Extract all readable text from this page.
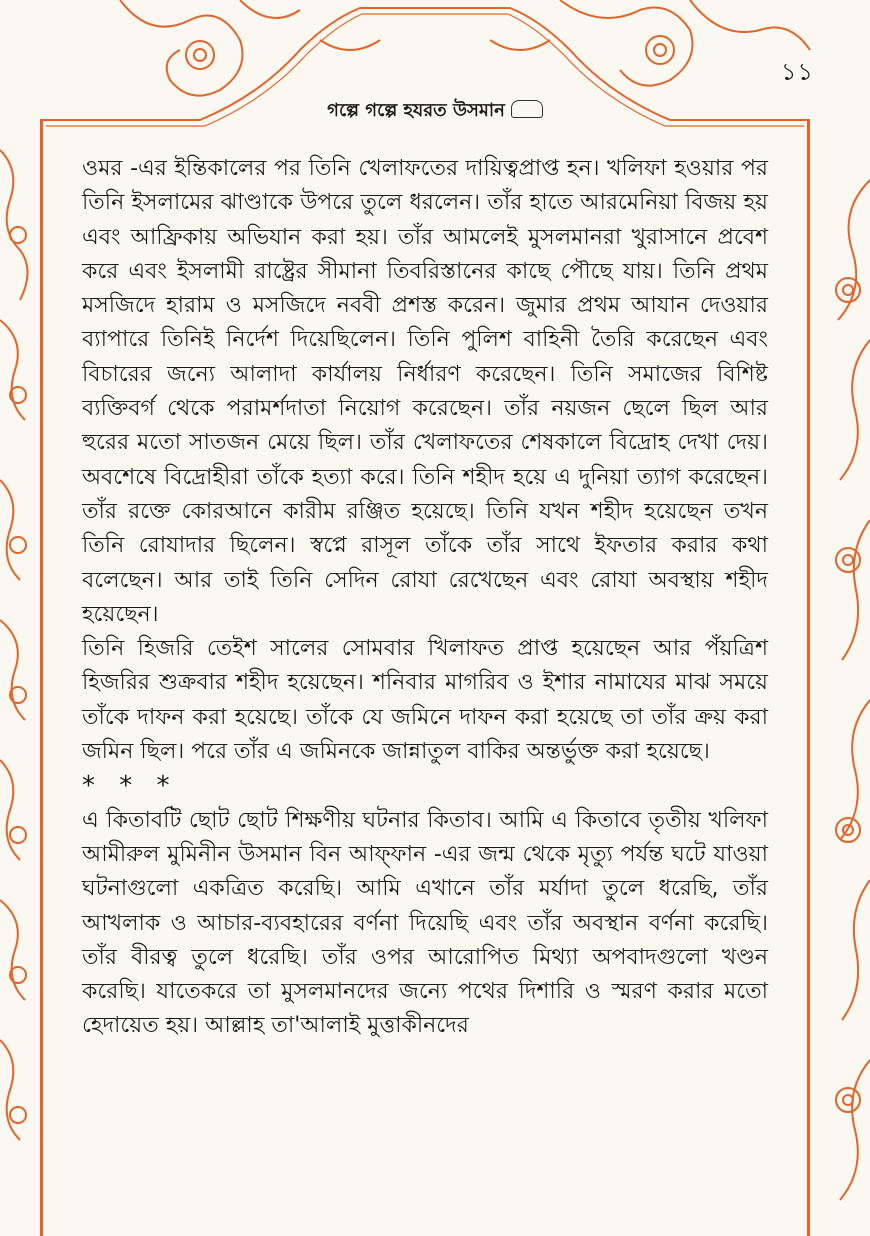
১১
গল্পে গল্পে হযরত উসমান

ওমর -এর ইন্তিকালের পর তিনি খেলাফতের দায়িত্বপ্রাপ্ত হন। খলিফা হওয়ার পর তিনি ইসলামের ঝাণ্ডাকে উপরে তুলে ধরলেন। তাঁর হাতে আরমেনিয়া বিজয় হয় এবং আফ্রিকায় অভিযান করা হয়। তাঁর আমলেই মুসলমানরা খুরাসানে প্রবেশ করে এবং ইসলামী রাষ্ট্রের সীমানা তিবরিস্তানের কাছে পৌছে যায়। তিনি প্রথম মসজিদে হারাম ও মসজিদে নববী প্রশস্ত করেন। জুমার প্রথম আযান দেওয়ার ব্যাপারে তিনিই নির্দেশ দিয়েছিলেন। তিনি পুলিশ বাহিনী তৈরি করেছেন এবং বিচারের জন্যে আলাদা কার্যালয় নির্ধারণ করেছেন। তিনি সমাজের বিশিষ্ট ব্যক্তিবর্গ থেকে পরামর্শদাতা নিয়োগ করেছেন। তাঁর নয়জন ছেলে ছিল আর হুরের মতো সাতজন মেয়ে ছিল। তাঁর খেলাফতের শেষকালে বিদ্রোহ দেখা দেয়। অবশেষে বিদ্রোহীরা তাঁকে হত্যা করে। তিনি শহীদ হয়ে এ দুনিয়া ত্যাগ করেছেন। তাঁর রক্তে কোরআনে কারীম রঞ্জিত হয়েছে। তিনি যখন শহীদ হয়েছেন তখন তিনি রোযাদার ছিলেন। স্বপ্নে রাসূল তাঁকে তাঁর সাথে ইফতার করার কথা বলেছেন। আর তাই তিনি সেদিন রোযা রেখেছেন এবং রোযা অবস্থায় শহীদ হয়েছেন।

তিনি হিজরি তেইশ সালের সোমবার খিলাফত প্রাপ্ত হয়েছেন আর পঁয়ত্রিশ হিজরির শুক্রবার শহীদ হয়েছেন। শনিবার মাগরিব ও ইশার নামাযের মাঝ সময়ে তাঁকে দাফন করা হয়েছে। তাঁকে যে জমিনে দাফন করা হয়েছে তা তাঁর ক্রয় করা জমিন ছিল। পরে তাঁর এ জমিনকে জান্নাতুল বাকির অন্তর্ভুক্ত করা হয়েছে।

* * *

এ কিতাবটি ছোট ছোট শিক্ষণীয় ঘটনার কিতাব। আমি এ কিতাবে তৃতীয় খলিফা আমীরুল মুমিনীন উসমান বিন আফ্‌ফান -এর জন্ম থেকে মৃত্যু পর্যন্ত ঘটে যাওয়া ঘটনাগুলো একত্রিত করেছি। আমি এখানে তাঁর মর্যাদা তুলে ধরেছি, তাঁর আখলাক ও আচার-ব্যবহারের বর্ণনা দিয়েছি এবং তাঁর অবস্থান বর্ণনা করেছি। তাঁর বীরত্ব তুলে ধরেছি। তাঁর ওপর আরোপিত মিথ্যা অপবাদগুলো খণ্ডন করেছি। যাতেকরে তা মুসলমানদের জন্যে পথের দিশারি ও স্মরণ করার মতো হেদায়েত হয়। আল্লাহ তা'আলাই মুত্তাকীনদের
